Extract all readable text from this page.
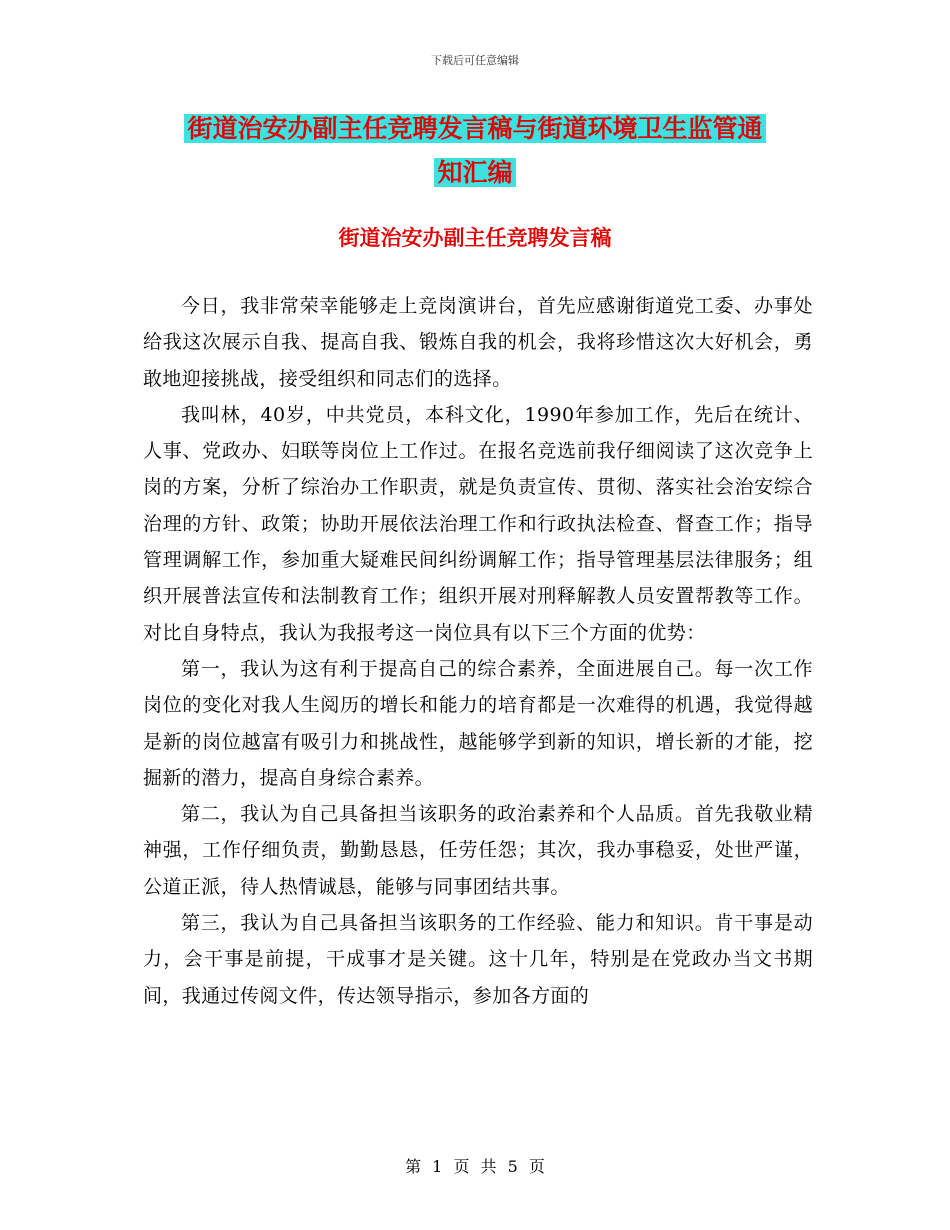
下载后可任意编辑
街道治安办副主任竞聘发言稿与街道环境卫生监管通
知汇编
街道治安办副主任竞聘发言稿

今日，我非常荣幸能够走上竞岗演讲台，首先应感谢街道党工委、办事处给我这次展示自我、提高自我、锻炼自我的机会，我将珍惜这次大好机会，勇敢地迎接挑战，接受组织和同志们的选择。

我叫林，40岁，中共党员，本科文化，1990年参加工作，先后在统计、人事、党政办、妇联等岗位上工作过。在报名竞选前我仔细阅读了这次竞争上岗的方案，分析了综治办工作职责，就是负责宣传、贯彻、落实社会治安综合治理的方针、政策；协助开展依法治理工作和行政执法检查、督查工作；指导管理调解工作，参加重大疑难民间纠纷调解工作；指导管理基层法律服务；组织开展普法宣传和法制教育工作；组织开展对刑释解教人员安置帮教等工作。对比自身特点，我认为我报考这一岗位具有以下三个方面的优势：

第一，我认为这有利于提高自己的综合素养，全面进展自己。每一次工作岗位的变化对我人生阅历的增长和能力的培育都是一次难得的机遇，我觉得越是新的岗位越富有吸引力和挑战性，越能够学到新的知识，增长新的才能，挖掘新的潜力，提高自身综合素养。

第二，我认为自己具备担当该职务的政治素养和个人品质。首先我敬业精神强，工作仔细负责，勤勤恳恳，任劳任怨；其次，我办事稳妥，处世严谨，公道正派，待人热情诚恳，能够与同事团结共事。

第三，我认为自己具备担当该职务的工作经验、能力和知识。肯干事是动力，会干事是前提，干成事才是关键。这十几年，特别是在党政办当文书期间，我通过传阅文件，传达领导指示，参加各方面的

第 1 页 共 5 页
